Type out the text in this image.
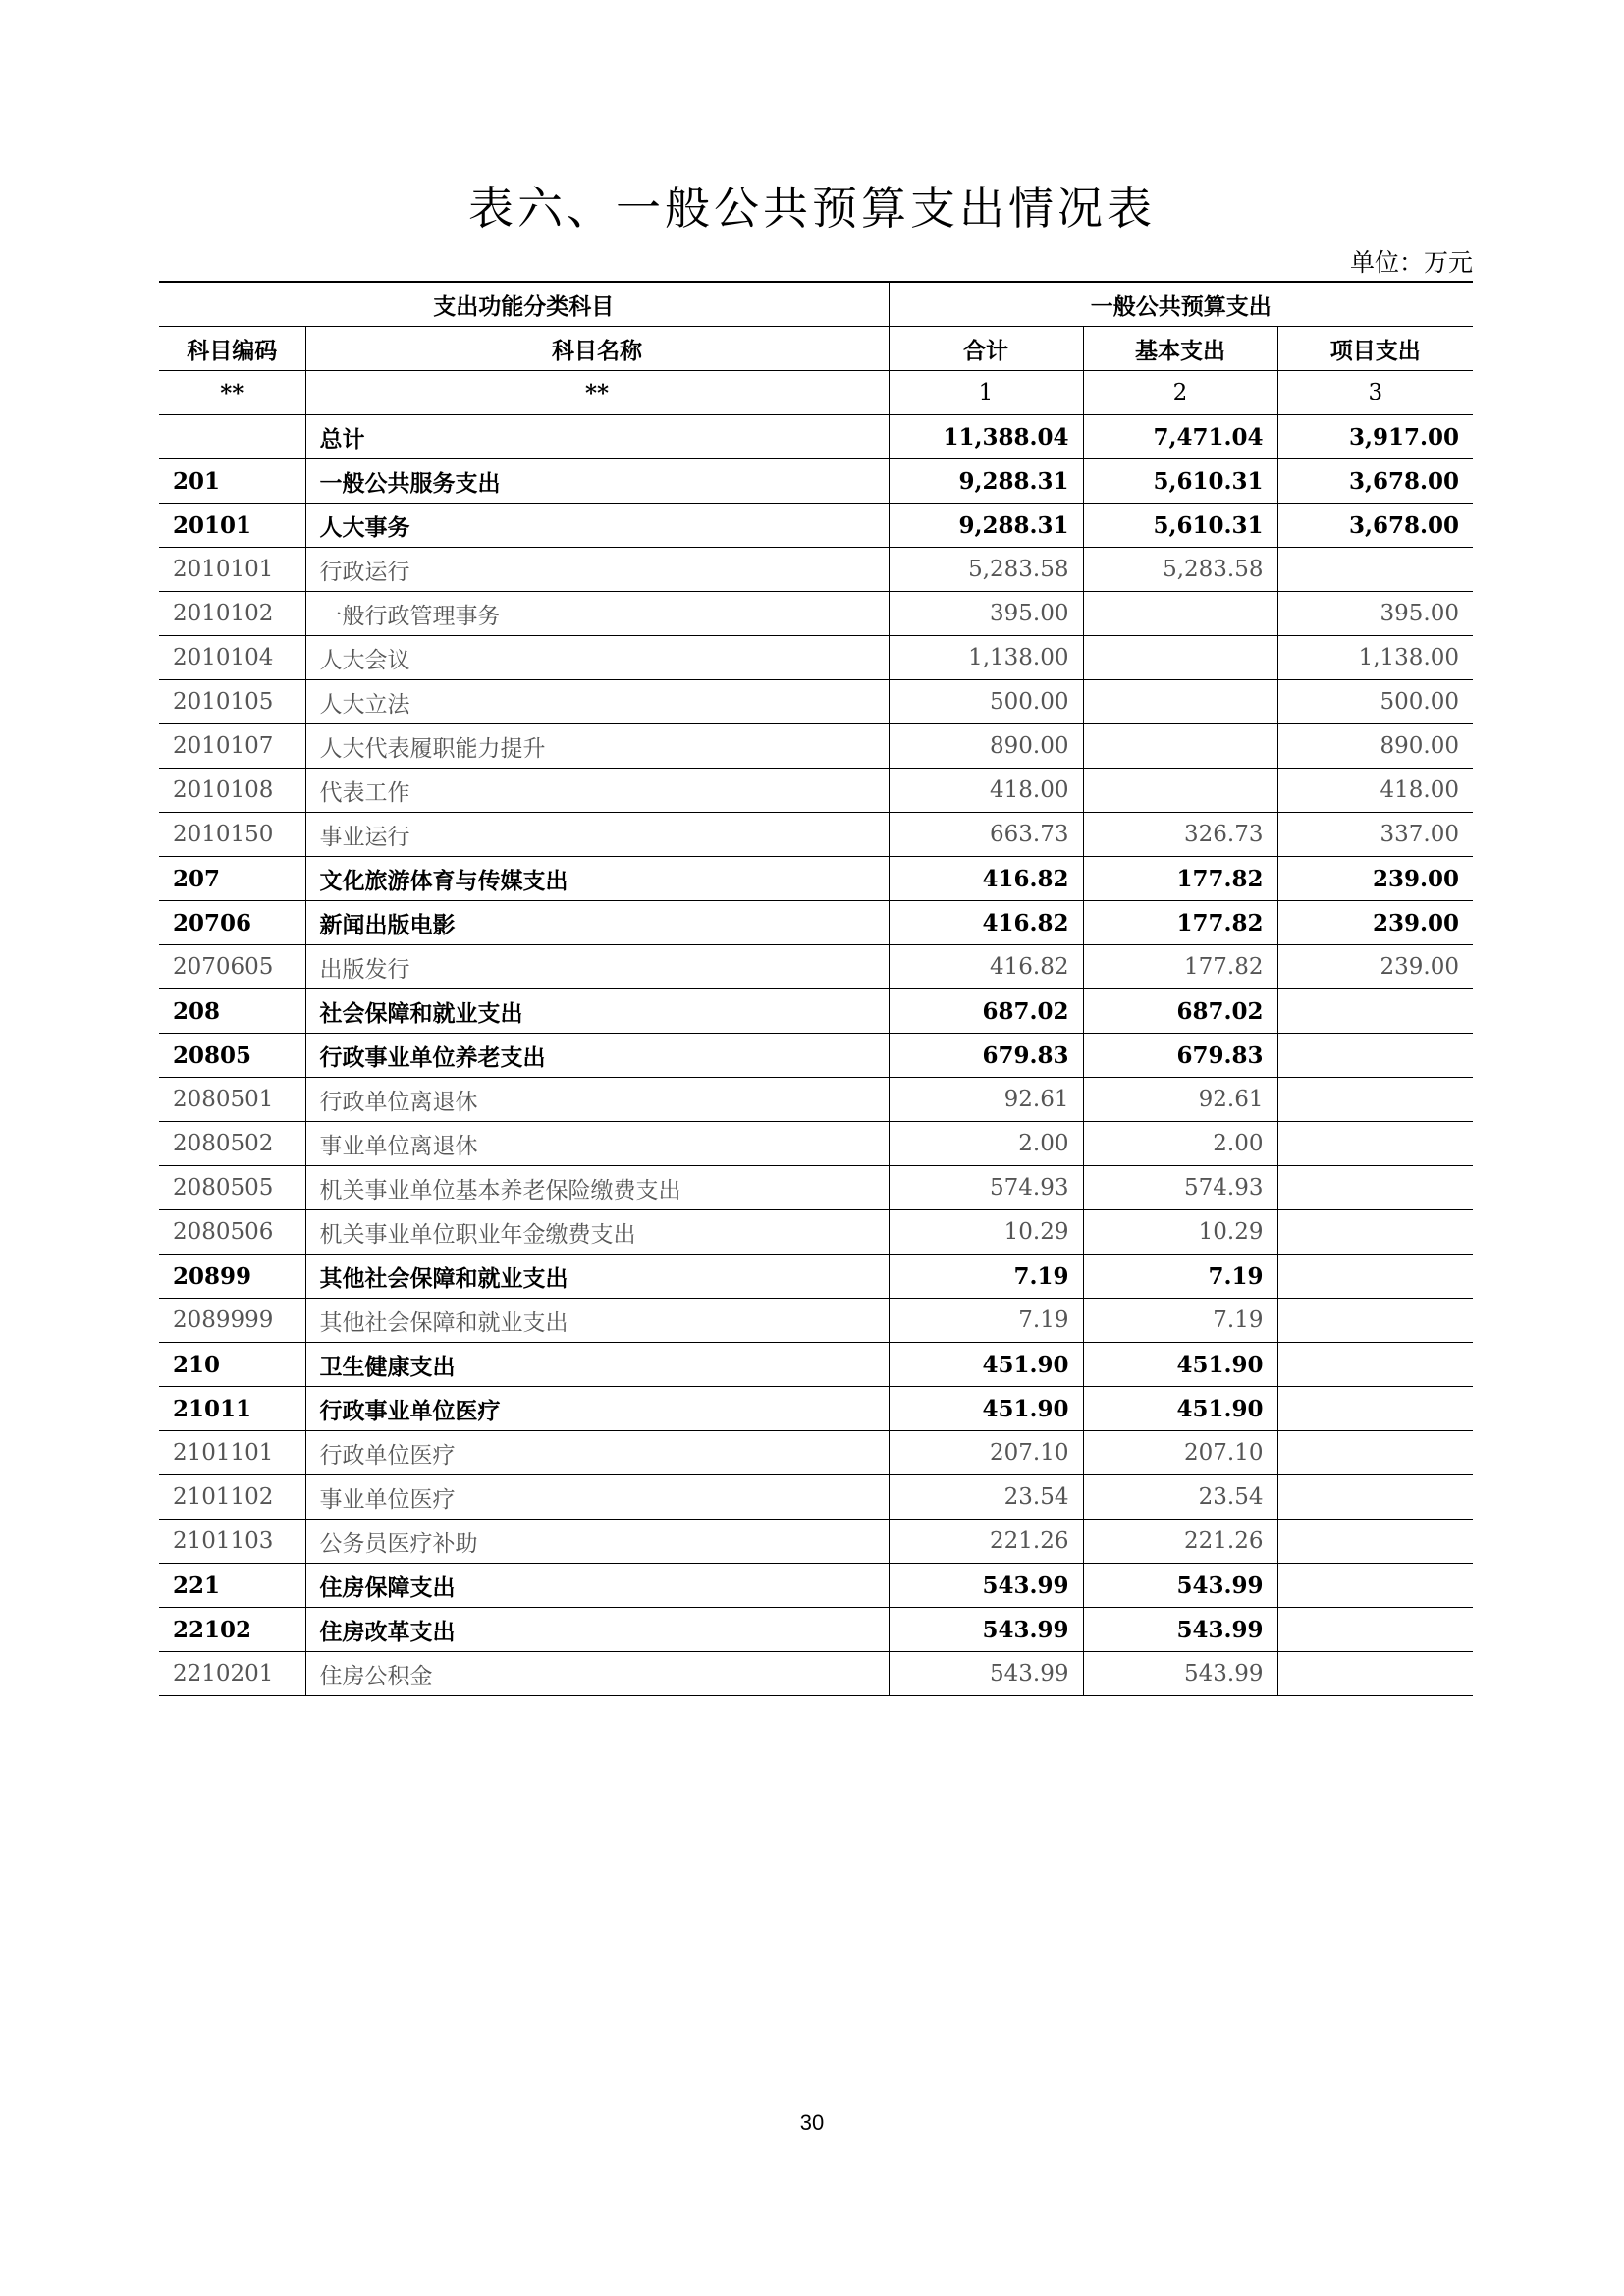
表六、一般公共预算支出情况表
单位：万元
支出功能分类科目		一般公共预算支出		
科目编码	科目名称	合计	基本支出	项目支出
**	**	1	2	3
	总计	11,388.04	7,471.04	3,917.00
201	一般公共服务支出	9,288.31	5,610.31	3,678.00
20101	人大事务	9,288.31	5,610.31	3,678.00
2010101	行政运行	5,283.58	5,283.58	
2010102	一般行政管理事务	395.00		395.00
2010104	人大会议	1,138.00		1,138.00
2010105	人大立法	500.00		500.00
2010107	人大代表履职能力提升	890.00		890.00
2010108	代表工作	418.00		418.00
2010150	事业运行	663.73	326.73	337.00
207	文化旅游体育与传媒支出	416.82	177.82	239.00
20706	新闻出版电影	416.82	177.82	239.00
2070605	出版发行	416.82	177.82	239.00
208	社会保障和就业支出	687.02	687.02	
20805	行政事业单位养老支出	679.83	679.83	
2080501	行政单位离退休	92.61	92.61	
2080502	事业单位离退休	2.00	2.00	
2080505	机关事业单位基本养老保险缴费支出	574.93	574.93	
2080506	机关事业单位职业年金缴费支出	10.29	10.29	
20899	其他社会保障和就业支出	7.19	7.19	
2089999	其他社会保障和就业支出	7.19	7.19	
210	卫生健康支出	451.90	451.90	
21011	行政事业单位医疗	451.90	451.90	
2101101	行政单位医疗	207.10	207.10	
2101102	事业单位医疗	23.54	23.54	
2101103	公务员医疗补助	221.26	221.26	
221	住房保障支出	543.99	543.99	
22102	住房改革支出	543.99	543.99	
2210201	住房公积金	543.99	543.99	
30
